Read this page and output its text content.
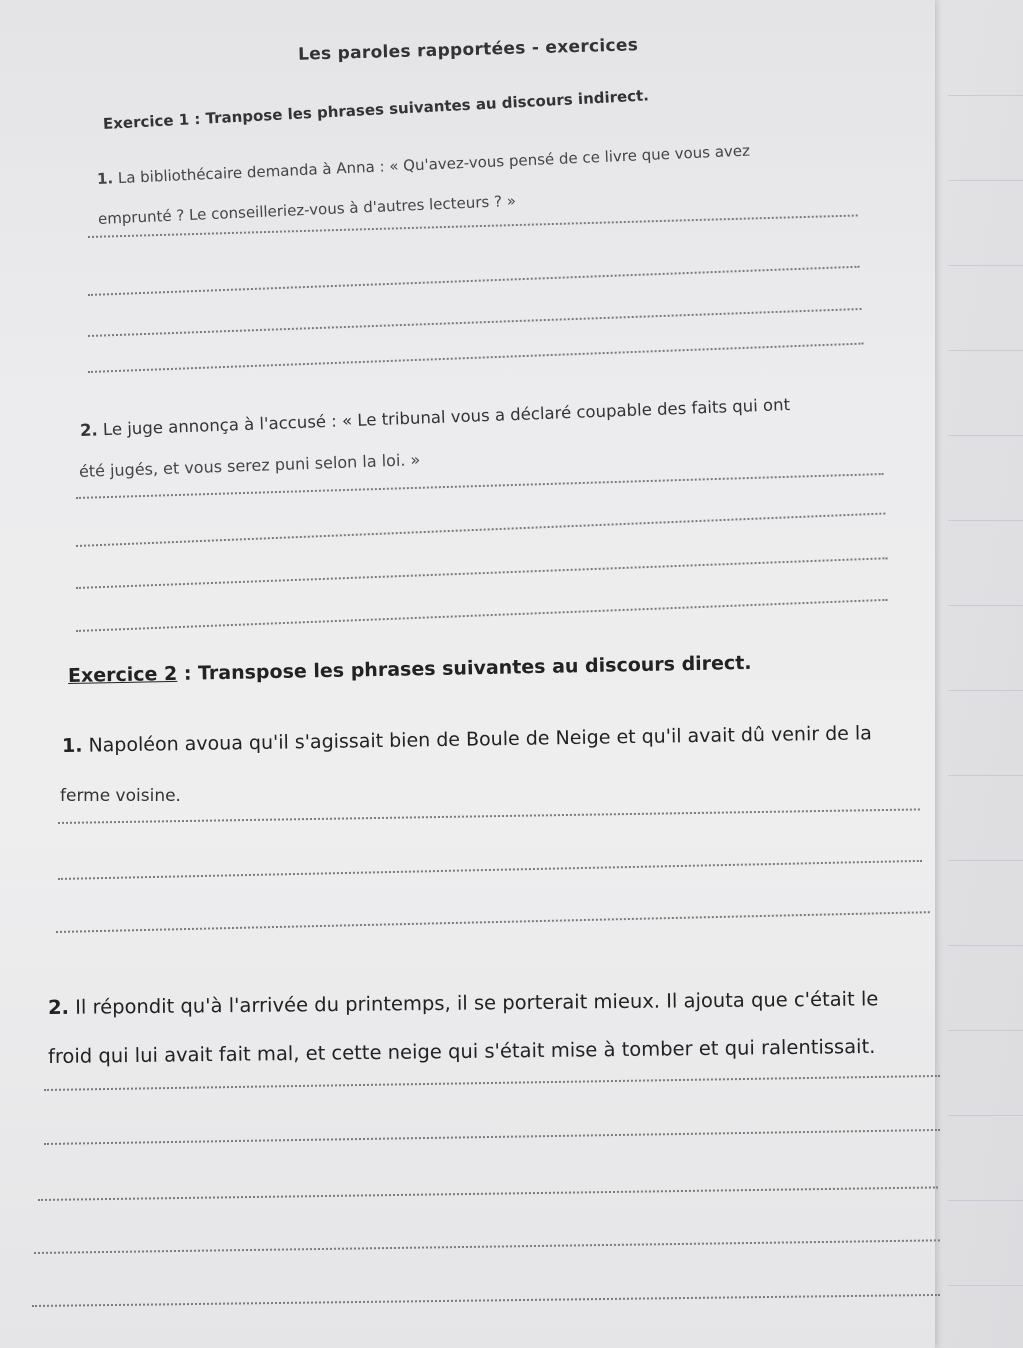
Les paroles rapportées - exercices
Exercice 1 : Tranpose les phrases suivantes au discours indirect.
1. La bibliothécaire demanda à Anna : « Qu'avez-vous pensé de ce livre que vous avez
emprunté ? Le conseilleriez-vous à d'autres lecteurs ? »
2. Le juge annonça à l'accusé : « Le tribunal vous a déclaré coupable des faits qui ont
été jugés, et vous serez puni selon la loi. »
Exercice 2 : Transpose les phrases suivantes au discours direct.
1. Napoléon avoua qu'il s'agissait bien de Boule de Neige et qu'il avait dû venir de la
ferme voisine.
2. Il répondit qu'à l'arrivée du printemps, il se porterait mieux. Il ajouta que c'était le
froid qui lui avait fait mal, et cette neige qui s'était mise à tomber et qui ralentissait.
